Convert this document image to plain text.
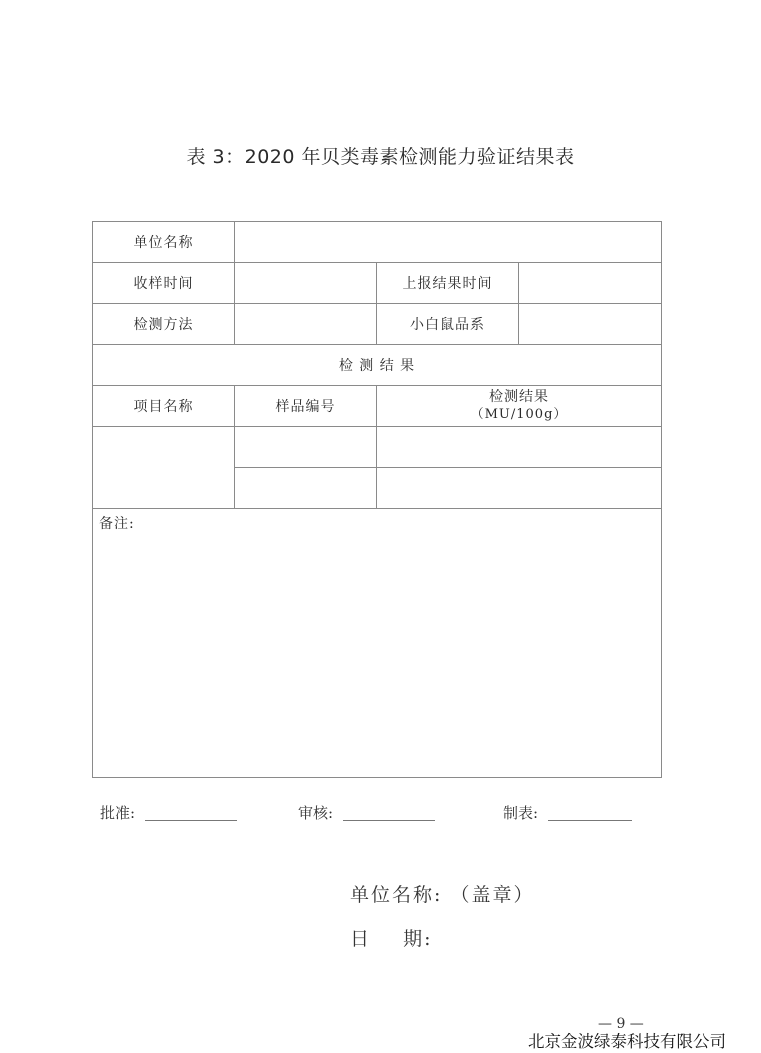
表 3：2020 年贝类毒素检测能力验证结果表
单位名称			
收样时间		上报结果时间	
检测方法		小白鼠品系	
检 测 结 果			
项目名称	样品编号	检测结果
（MU/100g）	

备注:			
批准:	审核:	制表:
单位名称: （盖章）
日    期:
— 9 —
北京金波绿泰科技有限公司
